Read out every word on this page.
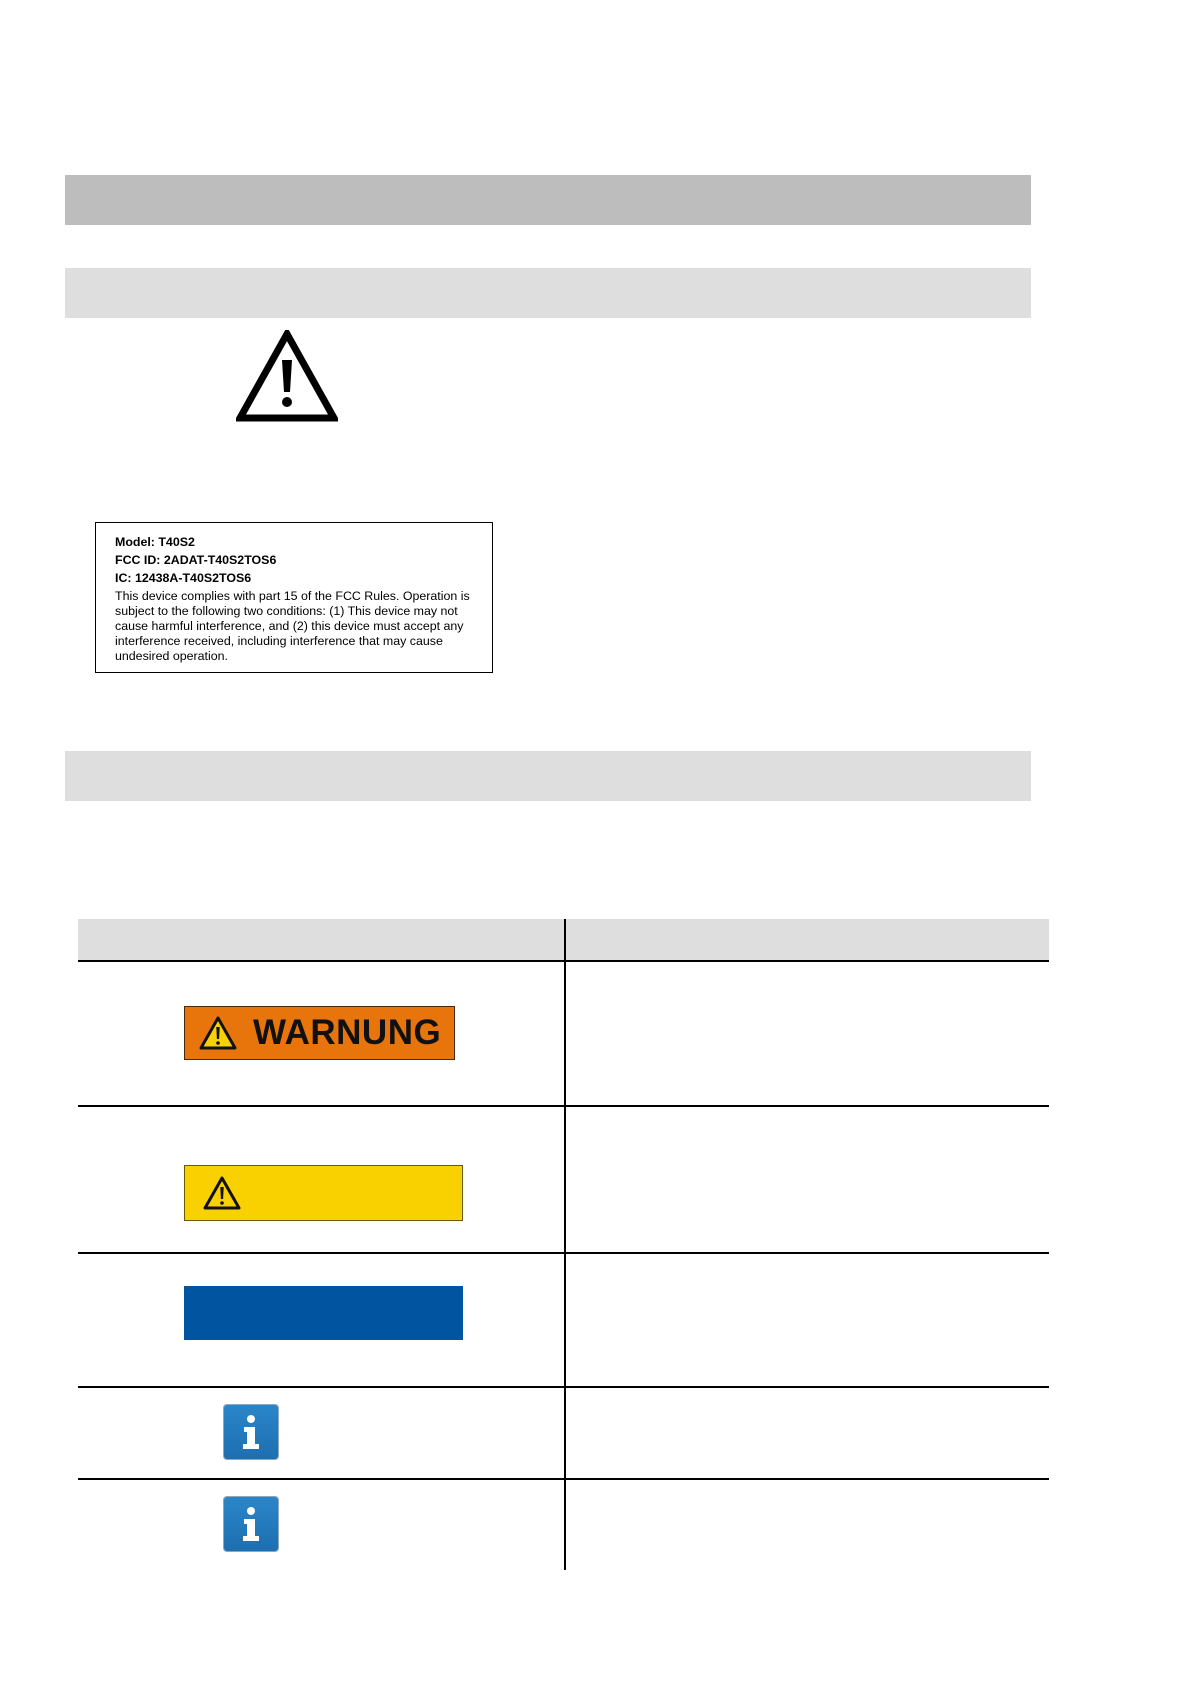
Model: T40S2
FCC ID: 2ADAT-T40S2TOS6
IC: 12438A-T40S2TOS6
This device complies with part 15 of the FCC Rules. Operation is
subject to the following two conditions: (1) This device may not
cause harmful interference, and (2) this device must accept any
interference received, including interference that may cause
undesired operation.
WARNUNG
